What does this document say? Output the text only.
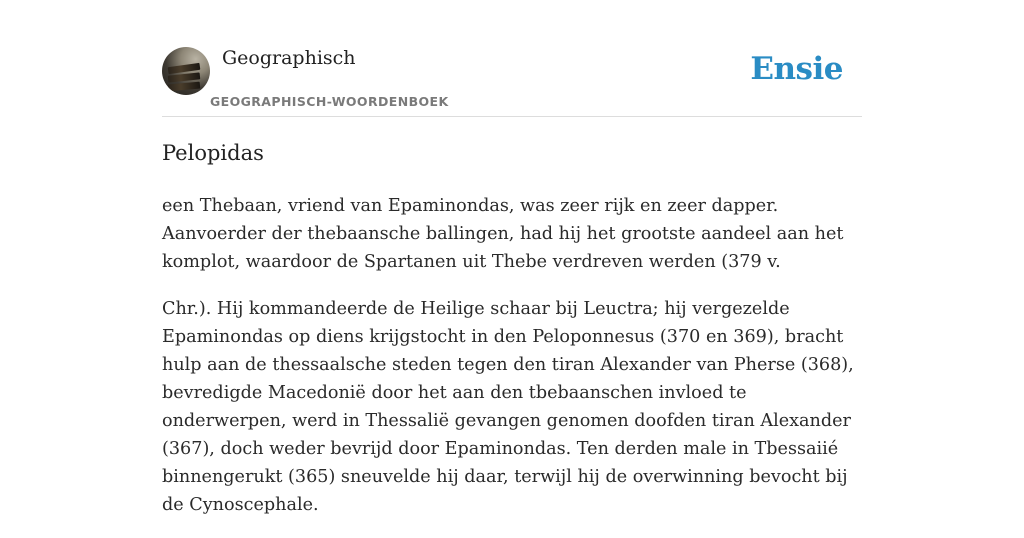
Geographisch
GEOGRAPHISCH-WOORDENBOEK
Ensie
Pelopidas

een Thebaan, vriend van Epaminondas, was zeer rijk en zeer dapper. Aanvoerder der thebaansche ballingen, had hij het grootste aandeel aan het komplot, waardoor de Spartanen uit Thebe verdreven werden (379 v.

Chr.). Hij kommandeerde de Heilige schaar bij Leuctra; hij vergezelde Epaminondas op diens krijgstocht in den Peloponnesus (370 en 369), bracht hulp aan de thessaalsche steden tegen den tiran Alexander van Pherse (368), bevredigde Macedonië door het aan den tbebaanschen invloed te onderwerpen, werd in Thessalië gevangen genomen doofden tiran Alexander (367), doch weder bevrijd door Epaminondas. Ten derden male in Tbessaiié binnengerukt (365) sneuvelde hij daar, terwijl hij de overwinning bevocht bij de Cynoscephale.
